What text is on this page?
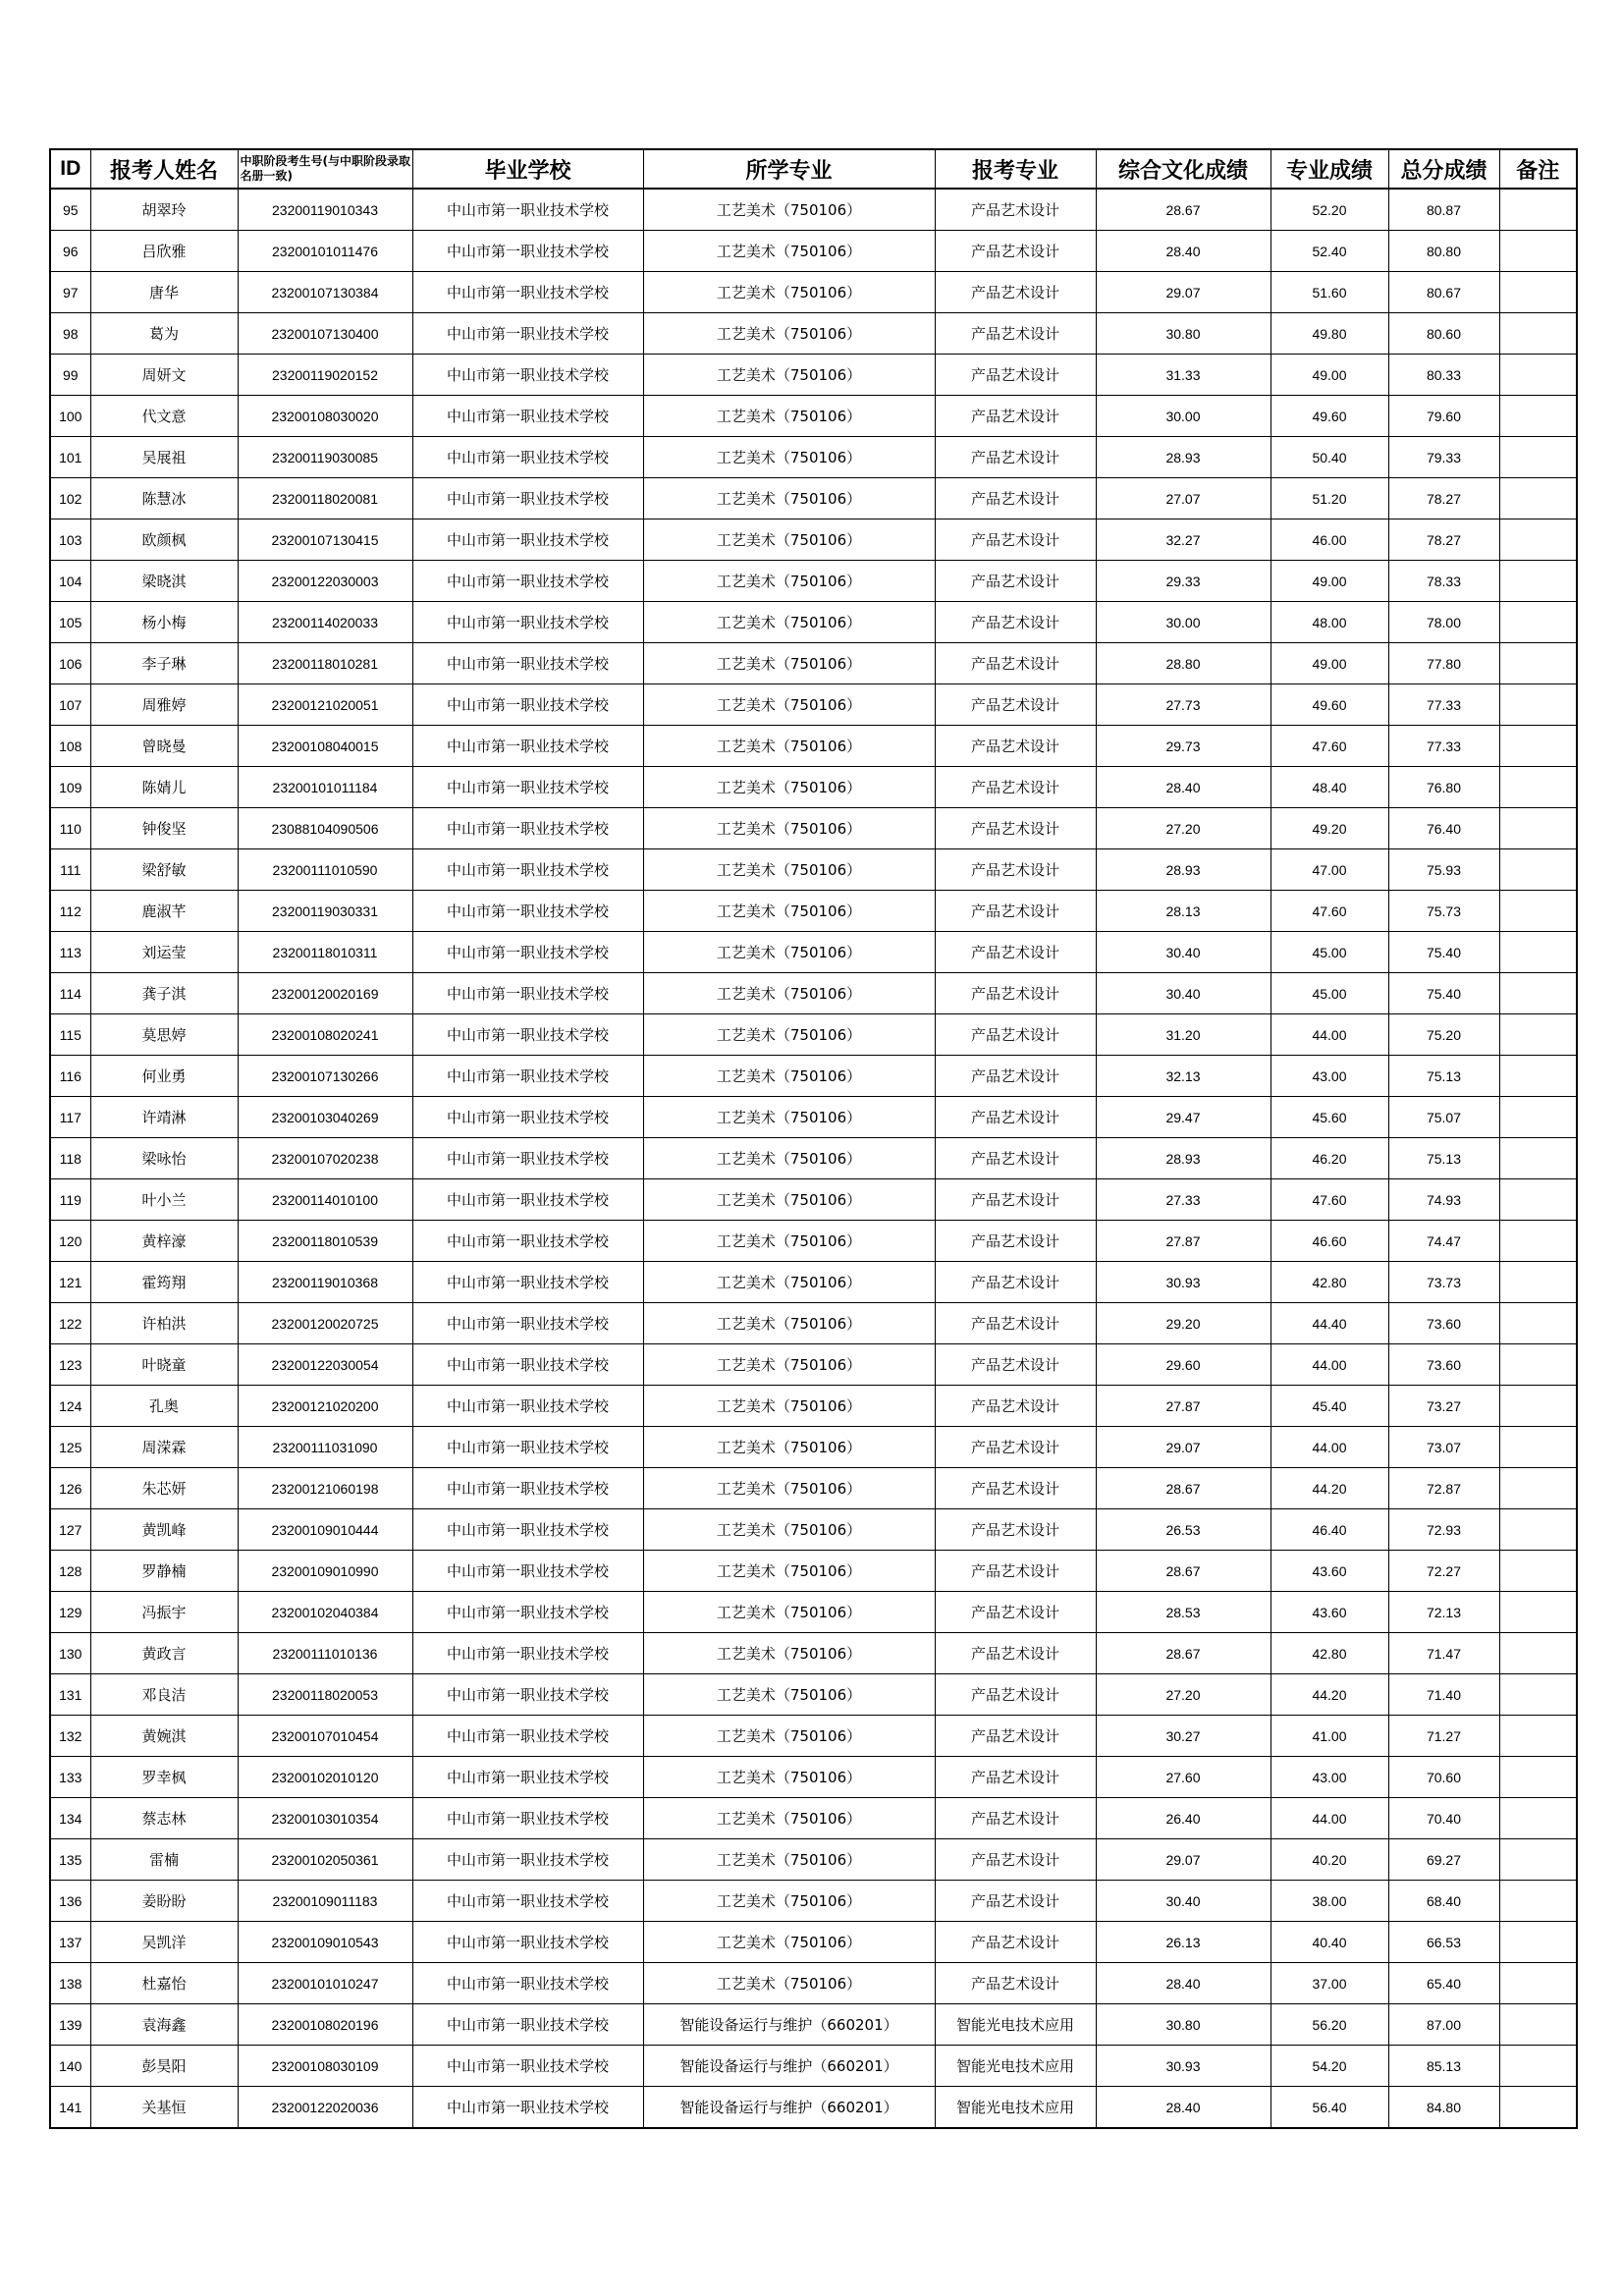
ID	报考人姓名	中职阶段考生号(与中职阶段录取名册一致)	毕业学校	所学专业	报考专业	综合文化成绩	专业成绩	总分成绩	备注
95	胡翠玲	23200119010343	中山市第一职业技术学校	工艺美术（750106）	产品艺术设计	28.67	52.20	80.87	
96	吕欣雅	23200101011476	中山市第一职业技术学校	工艺美术（750106）	产品艺术设计	28.40	52.40	80.80	
97	唐华	23200107130384	中山市第一职业技术学校	工艺美术（750106）	产品艺术设计	29.07	51.60	80.67	
98	葛为	23200107130400	中山市第一职业技术学校	工艺美术（750106）	产品艺术设计	30.80	49.80	80.60	
99	周妍文	23200119020152	中山市第一职业技术学校	工艺美术（750106）	产品艺术设计	31.33	49.00	80.33	
100	代文意	23200108030020	中山市第一职业技术学校	工艺美术（750106）	产品艺术设计	30.00	49.60	79.60	
101	吴展祖	23200119030085	中山市第一职业技术学校	工艺美术（750106）	产品艺术设计	28.93	50.40	79.33	
102	陈慧冰	23200118020081	中山市第一职业技术学校	工艺美术（750106）	产品艺术设计	27.07	51.20	78.27	
103	欧颜枫	23200107130415	中山市第一职业技术学校	工艺美术（750106）	产品艺术设计	32.27	46.00	78.27	
104	梁晓淇	23200122030003	中山市第一职业技术学校	工艺美术（750106）	产品艺术设计	29.33	49.00	78.33	
105	杨小梅	23200114020033	中山市第一职业技术学校	工艺美术（750106）	产品艺术设计	30.00	48.00	78.00	
106	李子琳	23200118010281	中山市第一职业技术学校	工艺美术（750106）	产品艺术设计	28.80	49.00	77.80	
107	周雅婷	23200121020051	中山市第一职业技术学校	工艺美术（750106）	产品艺术设计	27.73	49.60	77.33	
108	曾晓曼	23200108040015	中山市第一职业技术学校	工艺美术（750106）	产品艺术设计	29.73	47.60	77.33	
109	陈婧儿	23200101011184	中山市第一职业技术学校	工艺美术（750106）	产品艺术设计	28.40	48.40	76.80	
110	钟俊坚	23088104090506	中山市第一职业技术学校	工艺美术（750106）	产品艺术设计	27.20	49.20	76.40	
111	梁舒敏	23200111010590	中山市第一职业技术学校	工艺美术（750106）	产品艺术设计	28.93	47.00	75.93	
112	鹿淑芊	23200119030331	中山市第一职业技术学校	工艺美术（750106）	产品艺术设计	28.13	47.60	75.73	
113	刘运莹	23200118010311	中山市第一职业技术学校	工艺美术（750106）	产品艺术设计	30.40	45.00	75.40	
114	龚子淇	23200120020169	中山市第一职业技术学校	工艺美术（750106）	产品艺术设计	30.40	45.00	75.40	
115	莫思婷	23200108020241	中山市第一职业技术学校	工艺美术（750106）	产品艺术设计	31.20	44.00	75.20	
116	何业勇	23200107130266	中山市第一职业技术学校	工艺美术（750106）	产品艺术设计	32.13	43.00	75.13	
117	许靖淋	23200103040269	中山市第一职业技术学校	工艺美术（750106）	产品艺术设计	29.47	45.60	75.07	
118	梁咏怡	23200107020238	中山市第一职业技术学校	工艺美术（750106）	产品艺术设计	28.93	46.20	75.13	
119	叶小兰	23200114010100	中山市第一职业技术学校	工艺美术（750106）	产品艺术设计	27.33	47.60	74.93	
120	黄梓濠	23200118010539	中山市第一职业技术学校	工艺美术（750106）	产品艺术设计	27.87	46.60	74.47	
121	霍筠翔	23200119010368	中山市第一职业技术学校	工艺美术（750106）	产品艺术设计	30.93	42.80	73.73	
122	许柏洪	23200120020725	中山市第一职业技术学校	工艺美术（750106）	产品艺术设计	29.20	44.40	73.60	
123	叶晓童	23200122030054	中山市第一职业技术学校	工艺美术（750106）	产品艺术设计	29.60	44.00	73.60	
124	孔奥	23200121020200	中山市第一职业技术学校	工艺美术（750106）	产品艺术设计	27.87	45.40	73.27	
125	周溁霖	23200111031090	中山市第一职业技术学校	工艺美术（750106）	产品艺术设计	29.07	44.00	73.07	
126	朱芯妍	23200121060198	中山市第一职业技术学校	工艺美术（750106）	产品艺术设计	28.67	44.20	72.87	
127	黄凯峰	23200109010444	中山市第一职业技术学校	工艺美术（750106）	产品艺术设计	26.53	46.40	72.93	
128	罗静楠	23200109010990	中山市第一职业技术学校	工艺美术（750106）	产品艺术设计	28.67	43.60	72.27	
129	冯振宇	23200102040384	中山市第一职业技术学校	工艺美术（750106）	产品艺术设计	28.53	43.60	72.13	
130	黄政言	23200111010136	中山市第一职业技术学校	工艺美术（750106）	产品艺术设计	28.67	42.80	71.47	
131	邓良洁	23200118020053	中山市第一职业技术学校	工艺美术（750106）	产品艺术设计	27.20	44.20	71.40	
132	黄婉淇	23200107010454	中山市第一职业技术学校	工艺美术（750106）	产品艺术设计	30.27	41.00	71.27	
133	罗幸枫	23200102010120	中山市第一职业技术学校	工艺美术（750106）	产品艺术设计	27.60	43.00	70.60	
134	蔡志林	23200103010354	中山市第一职业技术学校	工艺美术（750106）	产品艺术设计	26.40	44.00	70.40	
135	雷楠	23200102050361	中山市第一职业技术学校	工艺美术（750106）	产品艺术设计	29.07	40.20	69.27	
136	姜盼盼	23200109011183	中山市第一职业技术学校	工艺美术（750106）	产品艺术设计	30.40	38.00	68.40	
137	吴凯洋	23200109010543	中山市第一职业技术学校	工艺美术（750106）	产品艺术设计	26.13	40.40	66.53	
138	杜嘉怡	23200101010247	中山市第一职业技术学校	工艺美术（750106）	产品艺术设计	28.40	37.00	65.40	
139	袁海鑫	23200108020196	中山市第一职业技术学校	智能设备运行与维护（660201）	智能光电技术应用	30.80	56.20	87.00	
140	彭昊阳	23200108030109	中山市第一职业技术学校	智能设备运行与维护（660201）	智能光电技术应用	30.93	54.20	85.13	
141	关基恒	23200122020036	中山市第一职业技术学校	智能设备运行与维护（660201）	智能光电技术应用	28.40	56.40	84.80	
